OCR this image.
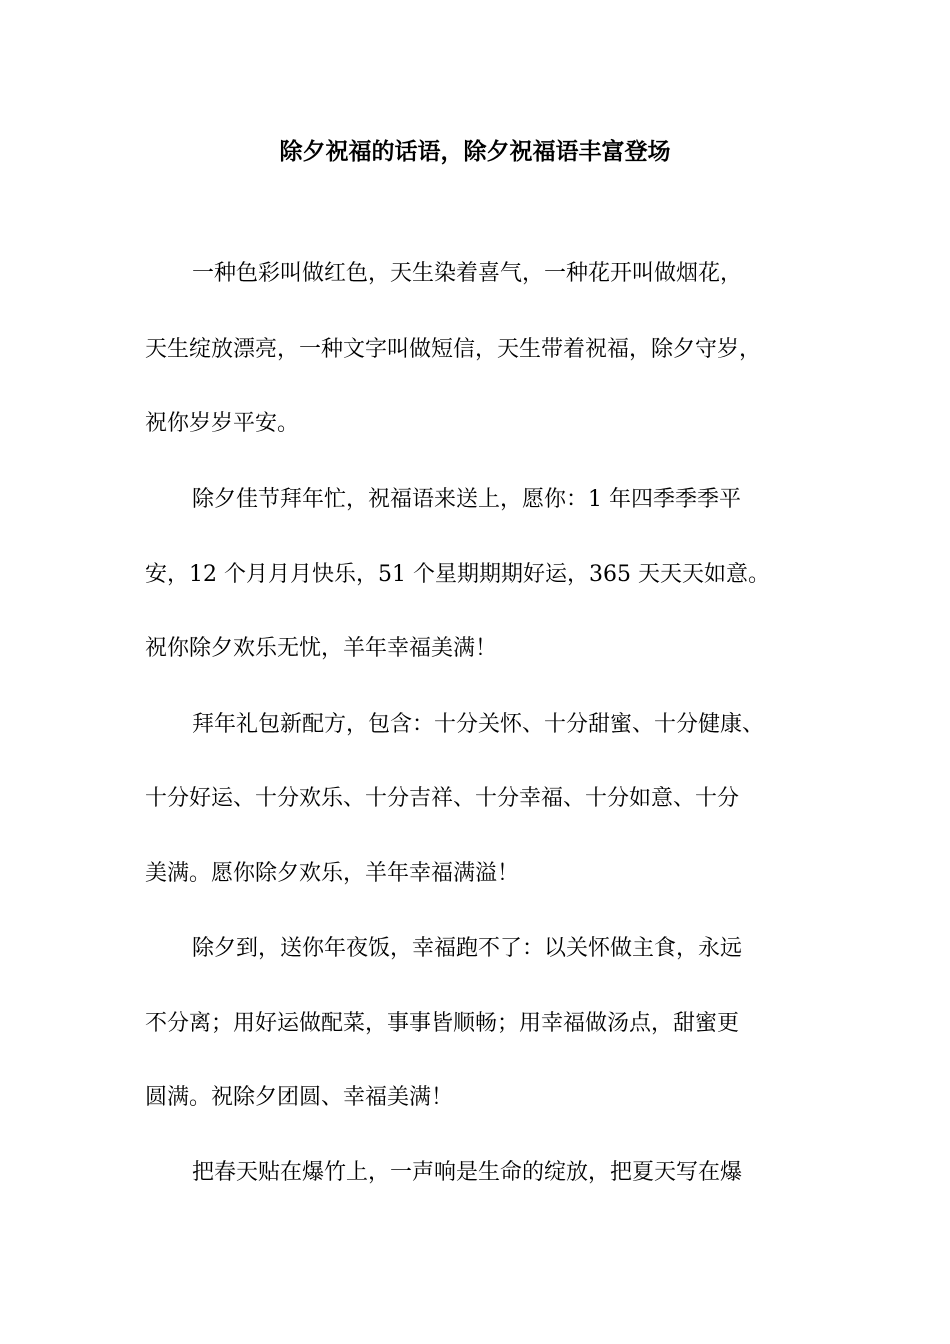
除夕祝福的话语，除夕祝福语丰富登场
一种色彩叫做红色，天生染着喜气，一种花开叫做烟花，
天生绽放漂亮，一种文字叫做短信，天生带着祝福，除夕守岁，
祝你岁岁平安。
除夕佳节拜年忙，祝福语来送上，愿你：1 年四季季季平
安，12 个月月月快乐，51 个星期期期好运，365 天天天如意。
祝你除夕欢乐无忧，羊年幸福美满！
拜年礼包新配方，包含：十分关怀、十分甜蜜、十分健康、
十分好运、十分欢乐、十分吉祥、十分幸福、十分如意、十分
美满。愿你除夕欢乐，羊年幸福满溢！
除夕到，送你年夜饭，幸福跑不了：以关怀做主食，永远
不分离；用好运做配菜，事事皆顺畅；用幸福做汤点，甜蜜更
圆满。祝除夕团圆、幸福美满！
把春天贴在爆竹上，一声响是生命的绽放，把夏天写在爆
